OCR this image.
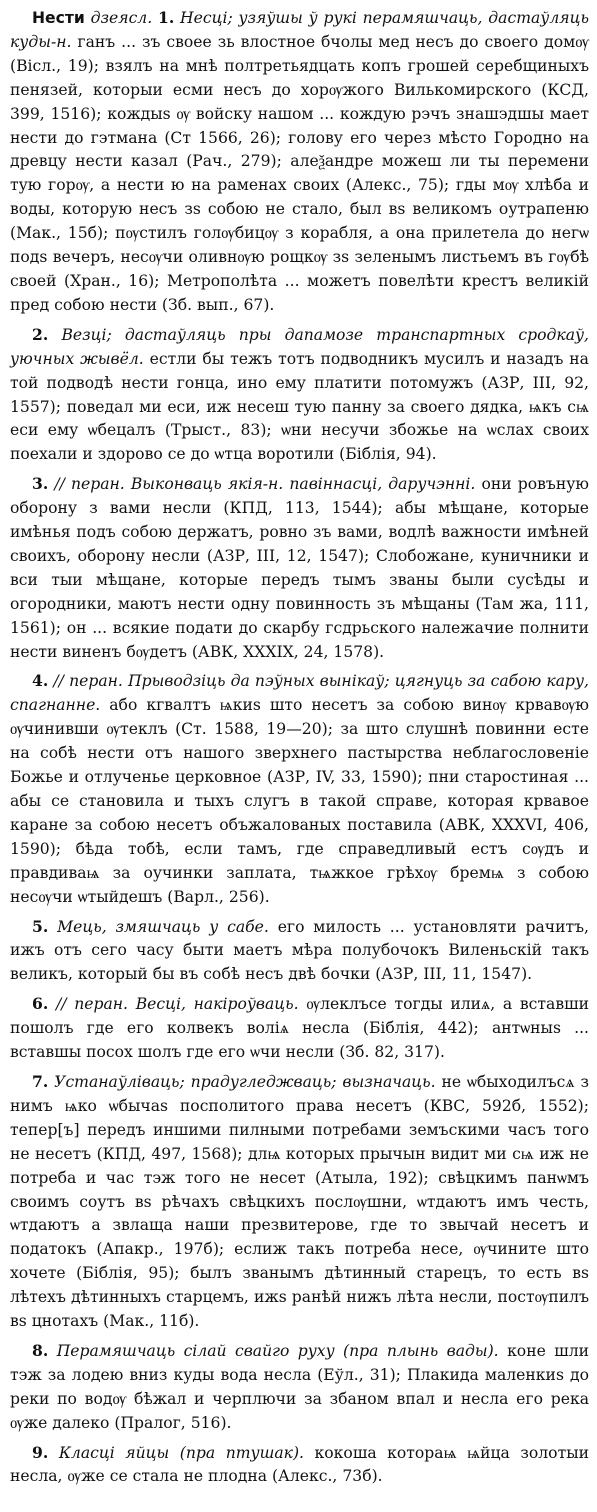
Нести дзеясл. 1. Несці; узяўшы ў рукі перамяшчаць, дастаўляць куды-н. ганъ ... зъ своее зь влостное бчолы мед несъ до своего домѹ (Вісл., 19); взялъ на мнѣ полтретьядцать копъ грошей серебщиныхъ пенязей, которыи есми несъ до хорѹжого Вилькомирского (КСД, 399, 1516); кождыѕ ѹ войску нашом ... кождую рэчъ знашэдшы мает нести до гэтмана (Ст 1566, 26); голову его через мѣсто Городно на древцу нести казал (Рач., 279); алеѯандре можеш ли ты перемени тую горѹ, а нести ю на раменах своих (Алекс., 75); гды мѹ хлѣба и воды, которую несъ зѕ собою не стало, был вѕ великомъ оутрапеню (Мак., 15б); пѹстилъ голѹбицѹ з корабля, а она прилетела до негѡ подѕ вечеръ, несѹчи оливнѹю рощкѹ зѕ зеленымъ листьемъ въ гѹбѣ своей (Хран., 16); Метрополѣта ... можетъ повелѣти крестъ великій пред собою нести (Зб. вып., 67).

2. Везці; дастаўляць пры дапамозе транспартных сродкаў, уючных жывёл. естли бы тежъ тотъ подводникъ мусилъ и назадъ на той подводѣ нести гонца, ино ему платити потомужъ (АЗР, III, 92, 1557); поведал ми еси, иж несеш тую панну за своего дядка, ѩкъ сѩ еси ему ѡбецалъ (Трыст., 83); ѡни несучи збожье на ѡслах своих поехали и здорово се до ѡтца воротили (Біблія, 94).

3. // перан. Выконваць якія-н. павіннасці, даручэнні. они ровъную оборону з вами несли (КПД, 113, 1544); абы мѣщане, которые имѣнья подъ собою держатъ, ровно зъ вами, водлѣ важности имѣней своихъ, оборону несли (АЗР, III, 12, 1547); Слобожане, куничники и вси тыи мѣщане, которые передъ тымъ званы были сусѣды и огородники, маютъ нести одну повинность зъ мѣщаны (Там жа, 111, 1561); он ... всякие подати до скарбу гсдрьского належачие полнити нести виненъ бѹдетъ (АВК, XXXIX, 24, 1578).

4. // перан. Прыводзіць да пэўных вынікаў; цягнуць за сабою кару, спагнанне. або кгвалтъ ѩкиѕ што несетъ за собою винѹ крвавѹю ѹчинивши ѹтеклъ (Ст. 1588, 19—20); за што слушнѣ повинни есте на собѣ нести отъ нашого зверхнего пастырства неблагословеніе Божье и отлученье церковное (АЗР, IV, 33, 1590); пни старостиная ... абы се становила и тыхъ слугъ в такой справе, которая крвавое каране за собою несетъ объжалованых поставила (АВК, XXXVI, 406, 1590); бѣда тобѣ, если тамъ, где справедливый естъ сѹдъ и правдиваѩ за оучинки заплата, тѩжкое грѣхѹ бремѩ з собою несѹчи ѡтыйдешъ (Варл., 256).

5. Мець, змяшчаць у сабе. его милость ... установляти рачитъ, ижъ отъ сего часу быти маетъ мѣра полубочокъ Виленьскій такъ великъ, который бы въ собѣ несъ двѣ бочки (АЗР, III, 11, 1547).

6. // перан. Весці, накіроўваць. ѹлеклъсе тогды илиѧ, а вставши пошолъ где его колвекъ воліѧ несла (Біблія, 442); антѡныѕ ... вставшы посох шолъ где его ѡчи несли (Зб. 82, 317).

7. Устанаўліваць; прадугледжваць; вызначаць. не ѡбыходилъсѧ з нимъ ѩко ѡбычаѕ посполитого права несетъ (КВС, 592б, 1552); тепер[ъ] передъ иншими пилными потребами земъскими часъ того не несетъ (КПД, 497, 1568); длѩ которых прычын видит ми сѩ иж не потреба и час тэж того не несет (Атыла, 192); свѣцкимъ панѡмъ своимъ соутъ вѕ рѣчахъ свѣцкихъ послѹшни, ѡтдаютъ имъ честь, ѡтдаютъ а звлаща наши презвитерове, где то звычай несетъ и податокъ (Апакр., 197б); еслиж такъ потреба несе, ѹчините што хочете (Біблія, 95); былъ званымъ дѣтинный старецъ, то есть вѕ лѣтехъ дѣтинныхъ старцемъ, ижѕ ранѣй нижъ лѣта несли, постѹпилъ вѕ цнотахъ (Мак., 11б).

8. Перамяшчаць сілай свайго руху (пра плынь вады). коне шли тэж за лодею вниз куды вода несла (Еўл., 31); Плакида маленкиѕ до реки по водѹ бѣжал и черплючи за збаном впал и несла его река ѹже далеко (Пралог, 516).

9. Класці яйцы (пра птушак). кокоша котораѩ ѩйца золотыи несла, ѹже се стала не плодна (Алекс., 73б).
